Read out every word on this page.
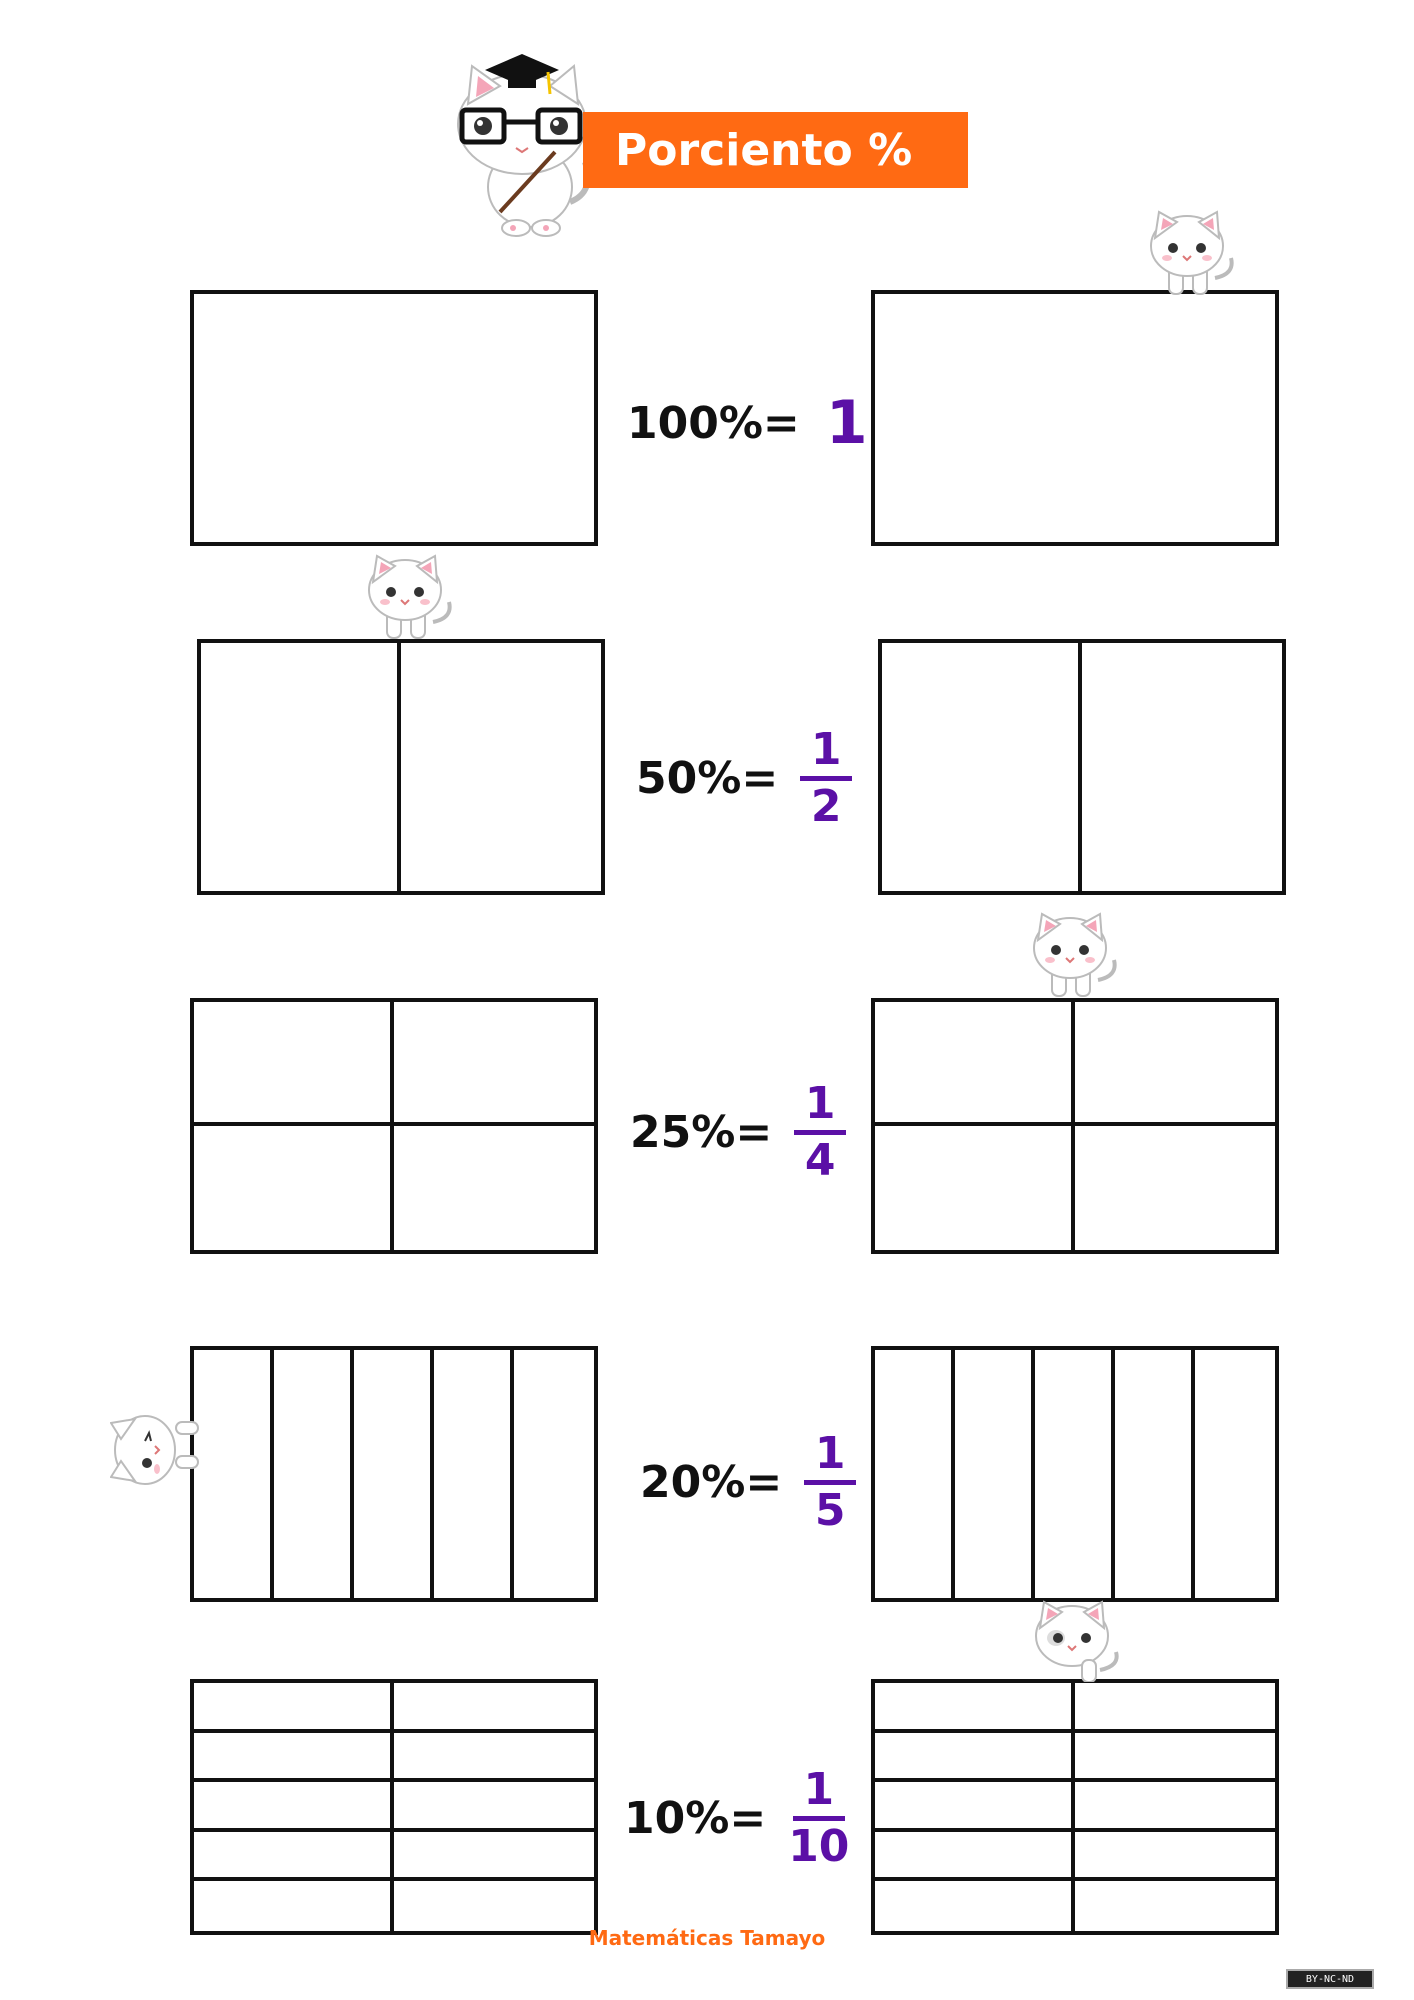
Porciento %
100%= 1
50%=
1
2
25%=
1
4
20%=
1
5
10%=
1
10
Matemáticas Tamayo
BY-NC-ND
